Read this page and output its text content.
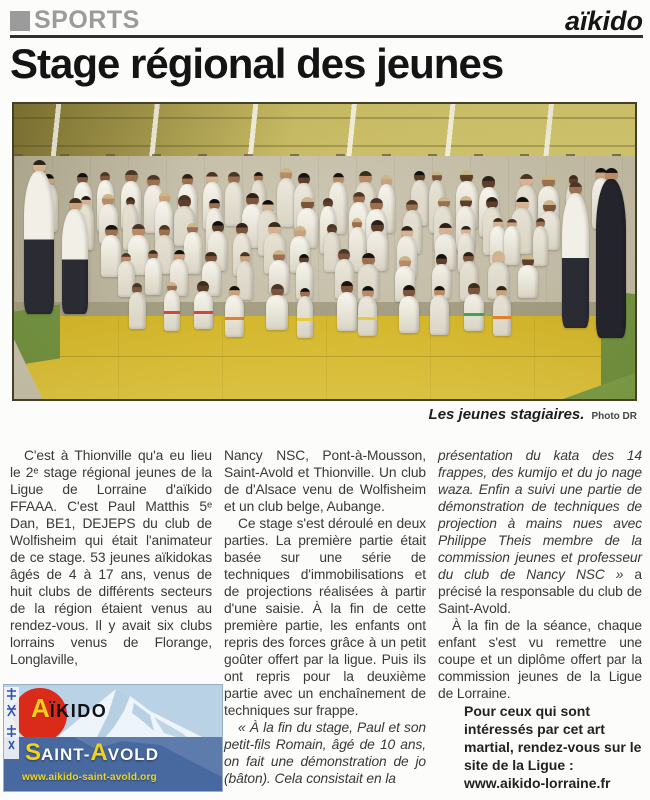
SPORTS	aïkido
Stage régional des jeunes
Les jeunes stagiaires. Photo DR

C'est à Thionville qu'a eu lieu le 2ᵉ stage régional jeunes de la Ligue de Lorraine d'aïkido FFAAA. C'est Paul Matthis 5ᵉ Dan, BE1, DEJEPS du club de Wolfisheim qui était l'animateur de ce stage. 53 jeunes aïkidokas âgés de 4 à 17 ans, venus de huit clubs de différents secteurs de la région étaient venus au rendez-vous. Il y avait six clubs lorrains venus de Florange, Longlaville,

Nancy NSC, Pont-à-Mousson, Saint-Avold et Thionville. Un club de d'Alsace venu de Wolfisheim et un club belge, Aubange.

Ce stage s'est déroulé en deux parties. La première partie était basée sur une série de techniques d'immobilisations et de projections réalisées à partir d'une saisie. À la fin de cette première partie, les enfants ont repris des forces grâce à un petit goûter offert par la ligue. Puis ils ont repris pour la deuxième partie avec un enchaînement de techniques sur frappe.

« À la fin du stage, Paul et son petit-fils Romain, âgé de 10 ans, on fait une démonstration de jo (bâton). Cela consistait en la

présentation du kata des 14 frappes, des kumijo et du jo nage waza. Enfin a suivi une partie de démonstration de techniques de projection à mains nues avec Philippe Theis membre de la commission jeunes et professeur du club de Nancy NSC » a précisé la responsable du club de Saint-Avold.

À la fin de la séance, chaque enfant s'est vu remettre une coupe et un diplôme offert par la commission jeunes de la Ligue de Lorraine.

Pour ceux qui sont intéressés par cet art martial, rendez-vous sur le site de la Ligue : www.aikido-lorraine.fr

A ÏKIDO
S AINT- A VOLD
www.aikido-saint-avold.org
